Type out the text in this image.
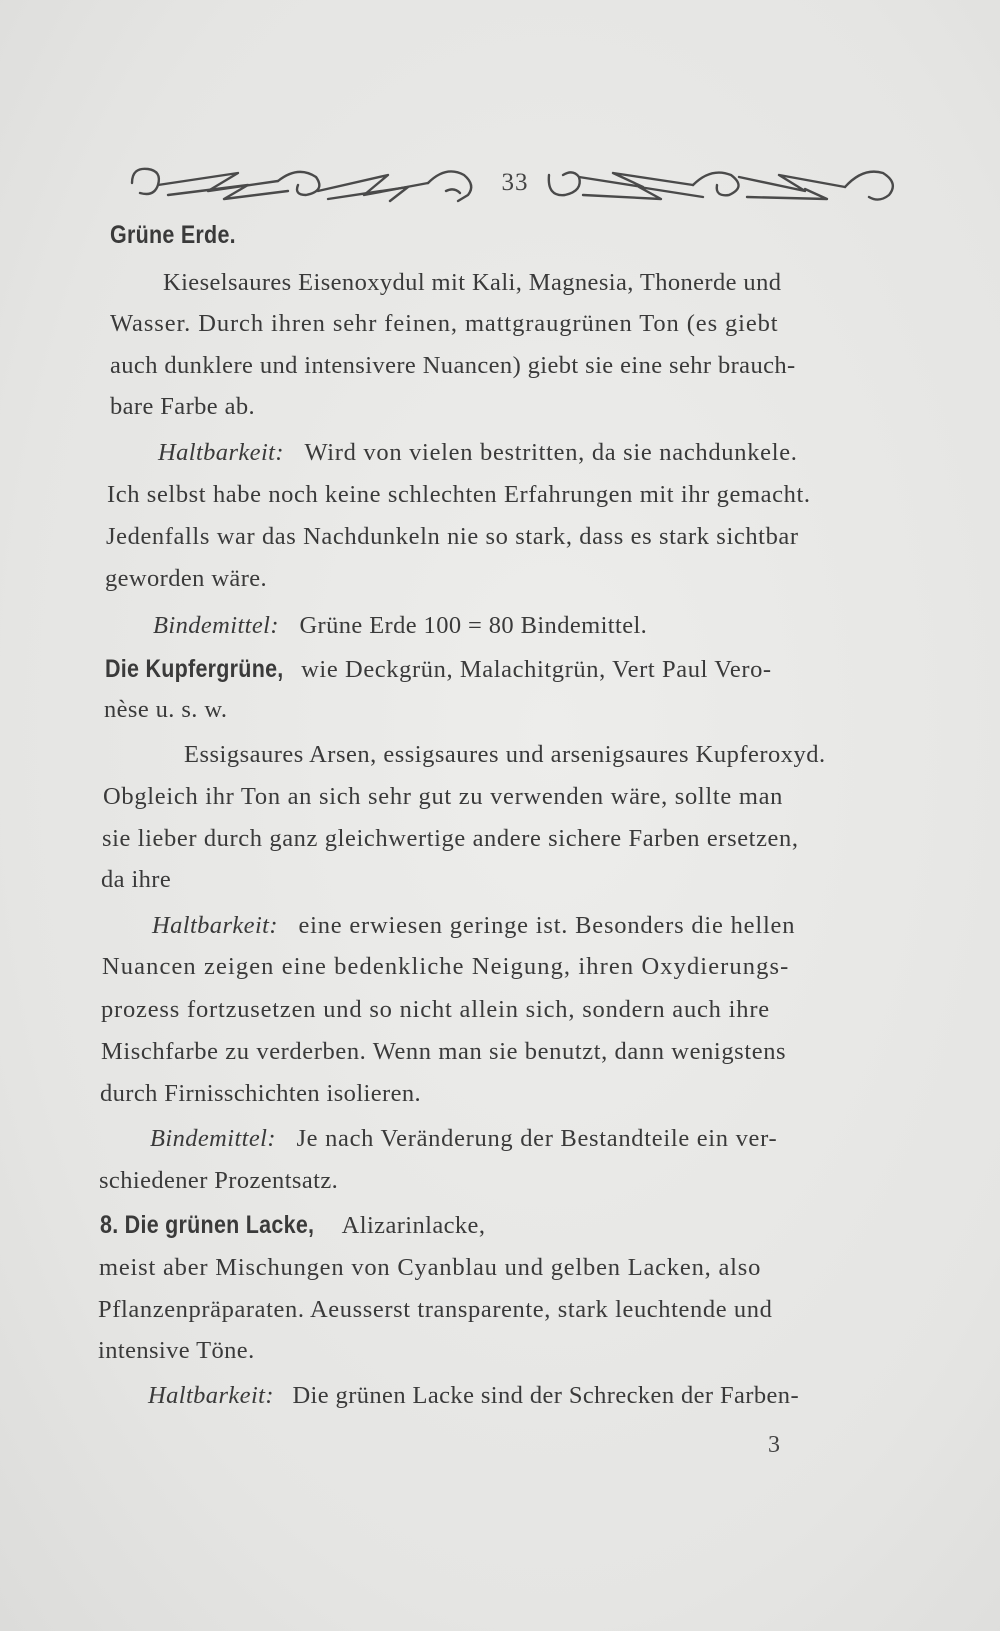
33
Grüne Erde.
Kieselsaures Eisenoxydul mit Kali, Magnesia, Thonerde und
Wasser. Durch ihren sehr feinen, mattgraugrünen Ton (es giebt
auch dunklere und intensivere Nuancen) giebt sie eine sehr brauch-
bare Farbe ab.
Haltbarkeit: Wird von vielen bestritten, da sie nachdunkele.
Ich selbst habe noch keine schlechten Erfahrungen mit ihr gemacht.
Jedenfalls war das Nachdunkeln nie so stark, dass es stark sichtbar
geworden wäre.
Bindemittel: Grüne Erde 100 = 80 Bindemittel.
Die Kupfergrüne, wie Deckgrün, Malachitgrün, Vert Paul Vero-
nèse u. s. w.
Essigsaures Arsen, essigsaures und arsenigsaures Kupferoxyd.
Obgleich ihr Ton an sich sehr gut zu verwenden wäre, sollte man
sie lieber durch ganz gleichwertige andere sichere Farben ersetzen,
da ihre
Haltbarkeit: eine erwiesen geringe ist. Besonders die hellen
Nuancen zeigen eine bedenkliche Neigung, ihren Oxydierungs-
prozess fortzusetzen und so nicht allein sich, sondern auch ihre
Mischfarbe zu verderben. Wenn man sie benutzt, dann wenigstens
durch Firnisschichten isolieren.
Bindemittel: Je nach Veränderung der Bestandteile ein ver-
schiedener Prozentsatz.
8. Die grünen Lacke, Alizarinlacke,
meist aber Mischungen von Cyanblau und gelben Lacken, also
Pflanzenpräparaten. Aeusserst transparente, stark leuchtende und
intensive Töne.
Haltbarkeit: Die grünen Lacke sind der Schrecken der Farben-
3
